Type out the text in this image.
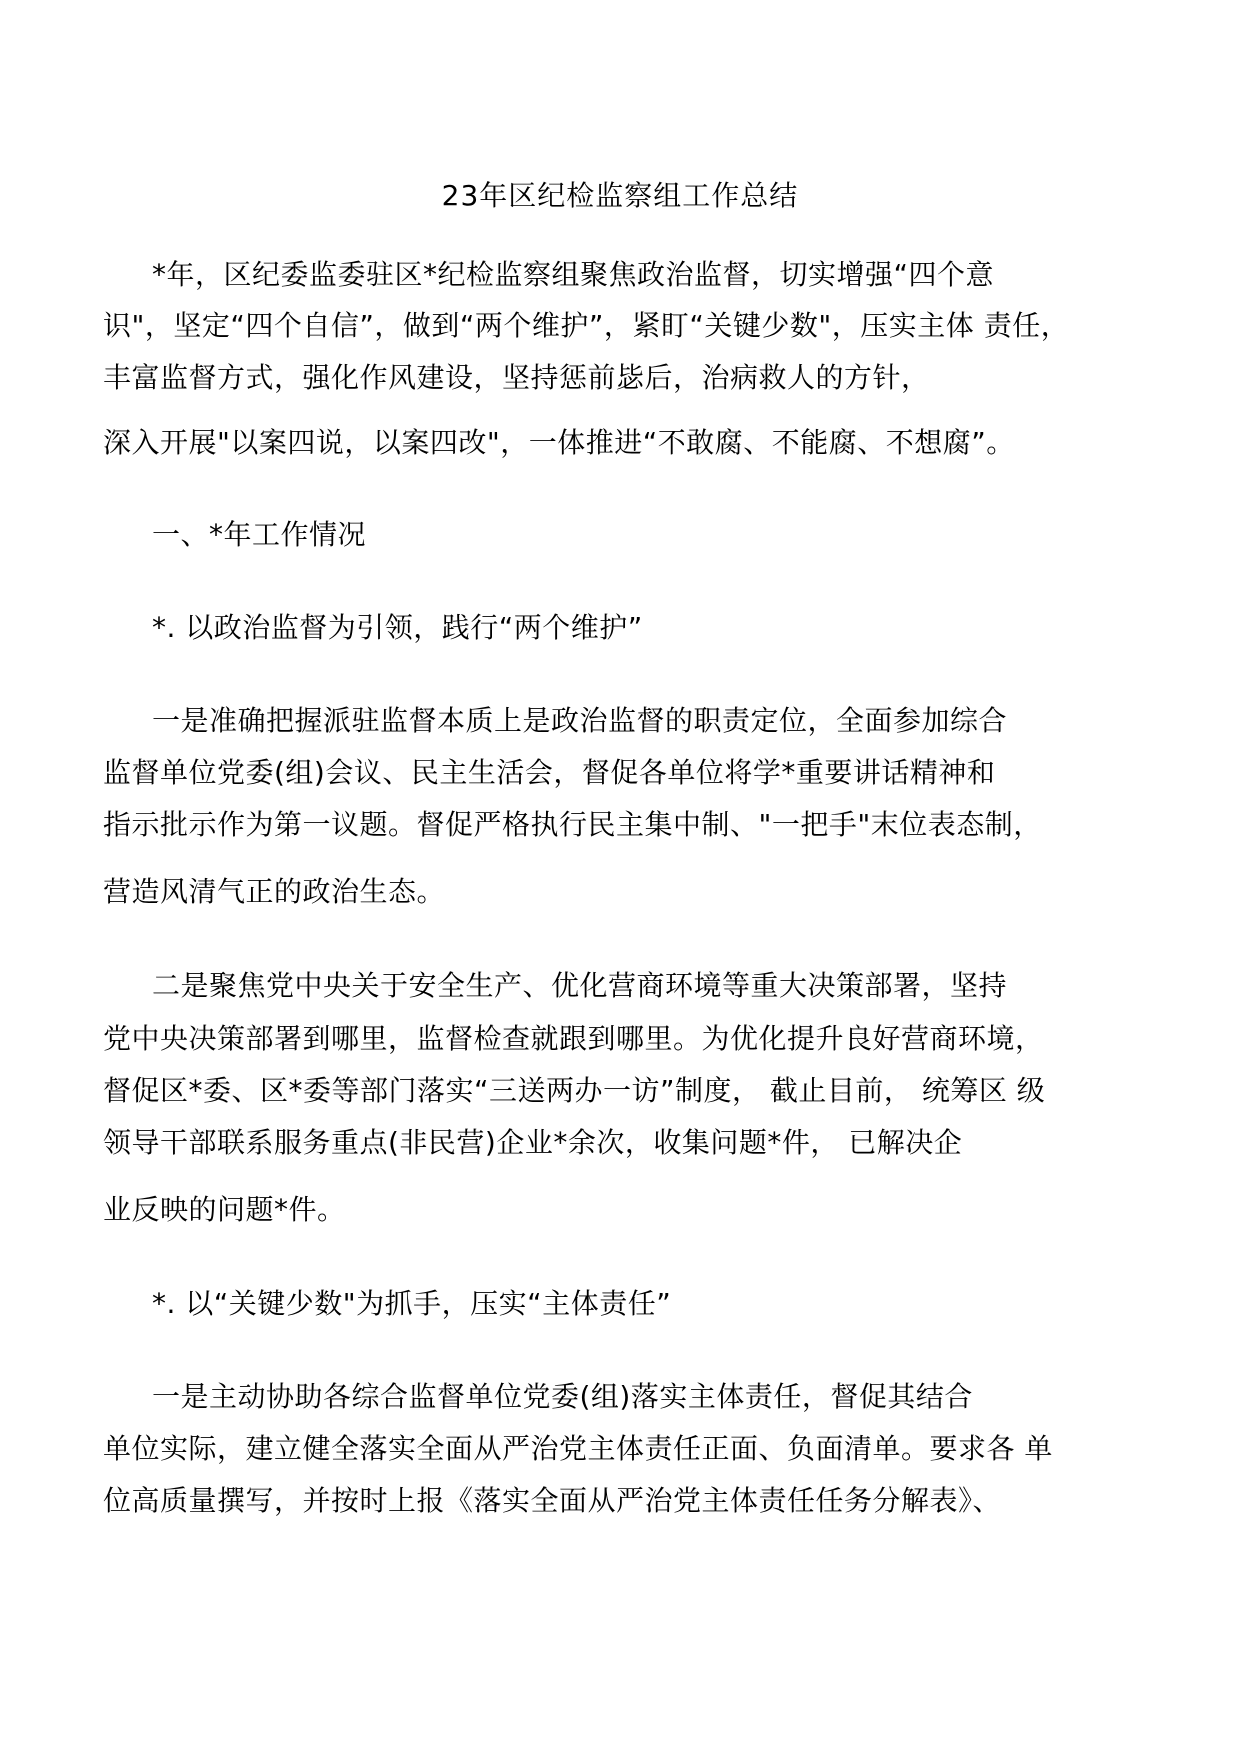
23年区纪检监察组工作总结
*年，区纪委监委驻区*纪检监察组聚焦政治监督，切实增强“四个意
识"，坚定“四个自信”，做到“两个维护”，紧盯“关键少数"，压实主体 责任，
丰富监督方式，强化作风建设，坚持惩前毖后，治病救人的方针，
深入开展"以案四说，以案四改"，一体推进“不敢腐、不能腐、不想腐”。
一、*年工作情况
*. 以政治监督为引领，践行“两个维护”
一是准确把握派驻监督本质上是政治监督的职责定位，全面参加综合
监督单位党委(组)会议、民主生活会，督促各单位将学*重要讲话精神和
指示批示作为第一议题。督促严格执行民主集中制、"一把手"末位表态制，
营造风清气正的政治生态。
二是聚焦党中央关于安全生产、优化营商环境等重大决策部署，坚持
党中央决策部署到哪里，监督检查就跟到哪里。为优化提升良好营商环境，
督促区*委、区*委等部门落实“三送两办一访”制度， 截止目前， 统筹区 级
领导干部联系服务重点(非民营)企业*余次，收集问题*件， 已解决企
业反映的问题*件。
*. 以“关键少数"为抓手，压实“主体责任”
一是主动协助各综合监督单位党委(组)落实主体责任，督促其结合
单位实际，建立健全落实全面从严治党主体责任正面、负面清单。要求各 单
位高质量撰写，并按时上报《落实全面从严治党主体责任任务分解表》、
